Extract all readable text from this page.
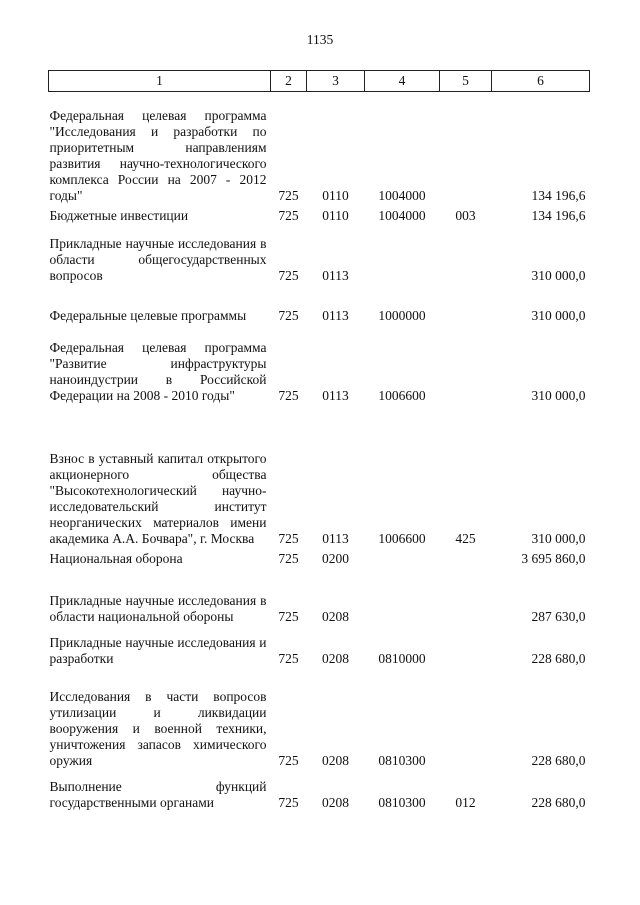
1135
1	2	3	4	5	6
Федеральная целевая программа "Исследования и разработки по приоритетным направлениям развития научно-технологического комплекса России на 2007 - 2012 годы"	725	0110	1004000		134 196,6
Бюджетные инвестиции	725	0110	1004000	003	134 196,6
Прикладные научные исследования в области общегосударственных вопросов	725	0113			310 000,0
Федеральные целевые программы	725	0113	1000000		310 000,0
Федеральная целевая программа "Развитие инфраструктуры наноиндустрии в Российской Федерации на 2008 - 2010 годы"	725	0113	1006600		310 000,0
Взнос в уставный капитал открытого акционерного общества "Высокотехнологический научно-исследовательский институт неорганических материалов имени академика А.А. Бочвара", г. Москва	725	0113	1006600	425	310 000,0
Национальная оборона	725	0200			3 695 860,0
Прикладные научные исследования в области национальной обороны	725	0208			287 630,0
Прикладные научные исследования и разработки	725	0208	0810000		228 680,0
Исследования в части вопросов утилизации и ликвидации вооружения и военной техники, уничтожения запасов химического оружия	725	0208	0810300		228 680,0
Выполнение функций государственными органами	725	0208	0810300	012	228 680,0
